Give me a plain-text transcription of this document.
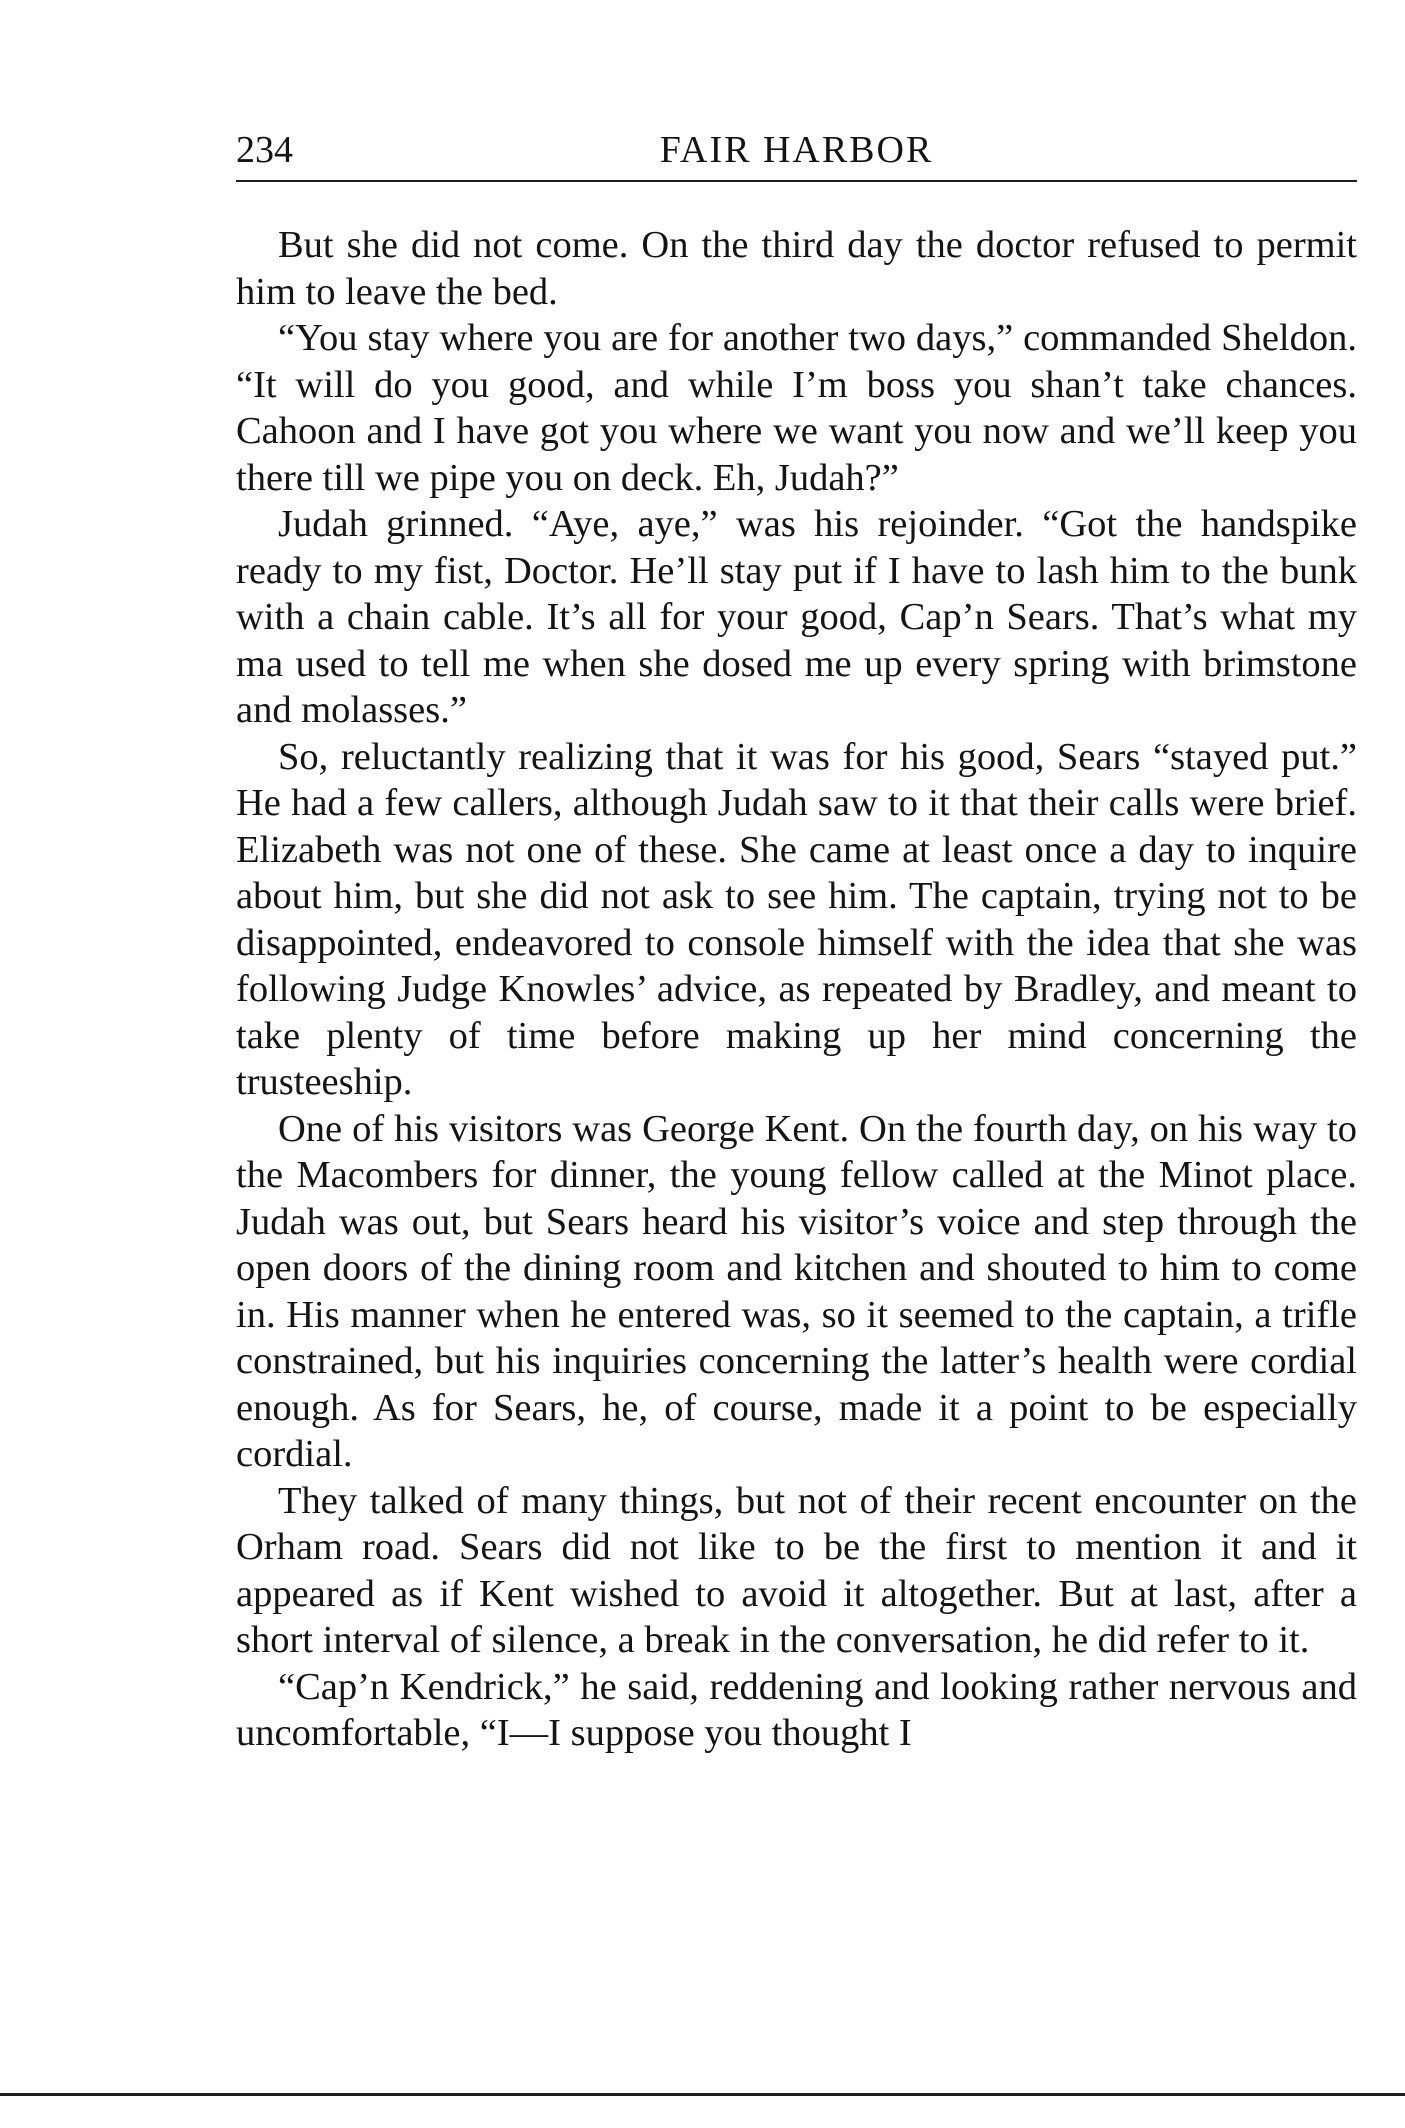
234	FAIR HARBOR

But she did not come. On the third day the doctor refused to permit him to leave the bed.

“You stay where you are for another two days,” commanded Sheldon. “It will do you good, and while I’m boss you shan’t take chances. Cahoon and I have got you where we want you now and we’ll keep you there till we pipe you on deck. Eh, Judah?”

Judah grinned. “Aye, aye,” was his rejoinder. “Got the handspike ready to my fist, Doctor. He’ll stay put if I have to lash him to the bunk with a chain cable. It’s all for your good, Cap’n Sears. That’s what my ma used to tell me when she dosed me up every spring with brimstone and molasses.”

So, reluctantly realizing that it was for his good, Sears “stayed put.” He had a few callers, although Judah saw to it that their calls were brief. Elizabeth was not one of these. She came at least once a day to inquire about him, but she did not ask to see him. The captain, trying not to be disappointed, endeavored to console himself with the idea that she was following Judge Knowles’ advice, as repeated by Bradley, and meant to take plenty of time before making up her mind concerning the trusteeship.

One of his visitors was George Kent. On the fourth day, on his way to the Macombers for dinner, the young fellow called at the Minot place. Judah was out, but Sears heard his visitor’s voice and step through the open doors of the dining room and kitchen and shouted to him to come in. His manner when he entered was, so it seemed to the captain, a trifle constrained, but his inquiries concerning the latter’s health were cordial enough. As for Sears, he, of course, made it a point to be especially cordial.

They talked of many things, but not of their recent encounter on the Orham road. Sears did not like to be the first to mention it and it appeared as if Kent wished to avoid it altogether. But at last, after a short interval of silence, a break in the conversation, he did refer to it.

“Cap’n Kendrick,” he said, reddening and looking rather nervous and uncomfortable, “I—I suppose you thought I
